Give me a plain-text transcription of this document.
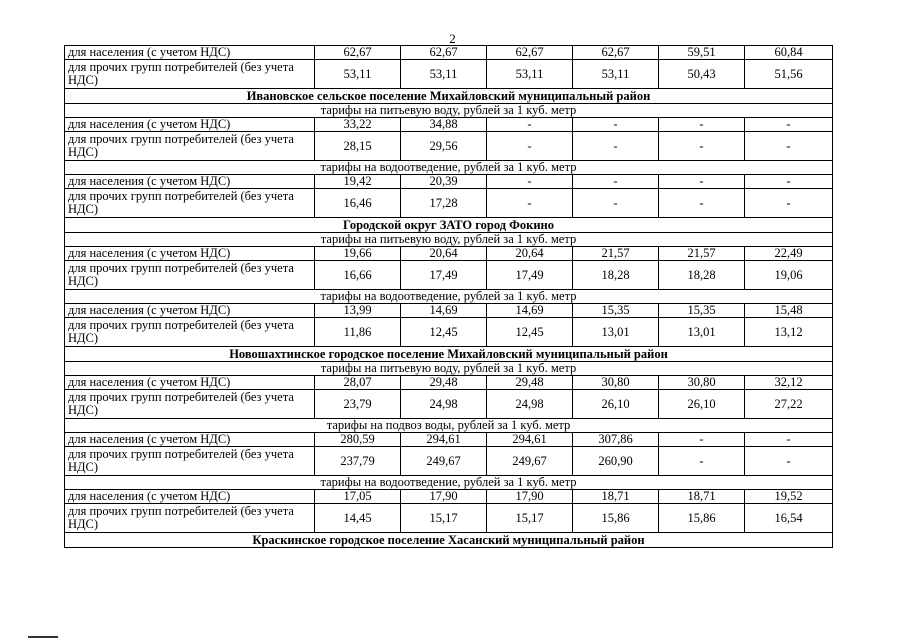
2
для населения (с учетом НДС)	62,67	62,67	62,67	62,67	59,51	60,84
для прочих групп потребителей (без учета НДС)	53,11	53,11	53,11	53,11	50,43	51,56
Ивановское сельское поселение Михайловский муниципальный район						
тарифы на питьевую воду, рублей за 1 куб. метр						
для населения (с учетом НДС)	33,22	34,88	-	-	-	-
для прочих групп потребителей (без учета НДС)	28,15	29,56	-	-	-	-
тарифы на водоотведение, рублей за 1 куб. метр						
для населения (с учетом НДС)	19,42	20,39	-	-	-	-
для прочих групп потребителей (без учета НДС)	16,46	17,28	-	-	-	-
Городской округ ЗАТО город Фокино						
тарифы на питьевую воду, рублей за 1 куб. метр						
для населения (с учетом НДС)	19,66	20,64	20,64	21,57	21,57	22,49
для прочих групп потребителей (без учета НДС)	16,66	17,49	17,49	18,28	18,28	19,06
тарифы на водоотведение, рублей за 1 куб. метр						
для населения (с учетом НДС)	13,99	14,69	14,69	15,35	15,35	15,48
для прочих групп потребителей (без учета НДС)	11,86	12,45	12,45	13,01	13,01	13,12
Новошахтинское городское поселение Михайловский муниципальный район						
тарифы на питьевую воду, рублей за 1 куб. метр						
для населения (с учетом НДС)	28,07	29,48	29,48	30,80	30,80	32,12
для прочих групп потребителей (без учета НДС)	23,79	24,98	24,98	26,10	26,10	27,22
тарифы на подвоз воды, рублей за 1 куб. метр						
для населения (с учетом НДС)	280,59	294,61	294,61	307,86	-	-
для прочих групп потребителей (без учета НДС)	237,79	249,67	249,67	260,90	-	-
тарифы на водоотведение, рублей за 1 куб. метр						
для населения (с учетом НДС)	17,05	17,90	17,90	18,71	18,71	19,52
для прочих групп потребителей (без учета НДС)	14,45	15,17	15,17	15,86	15,86	16,54
Краскинское городское поселение Хасанский муниципальный район						
